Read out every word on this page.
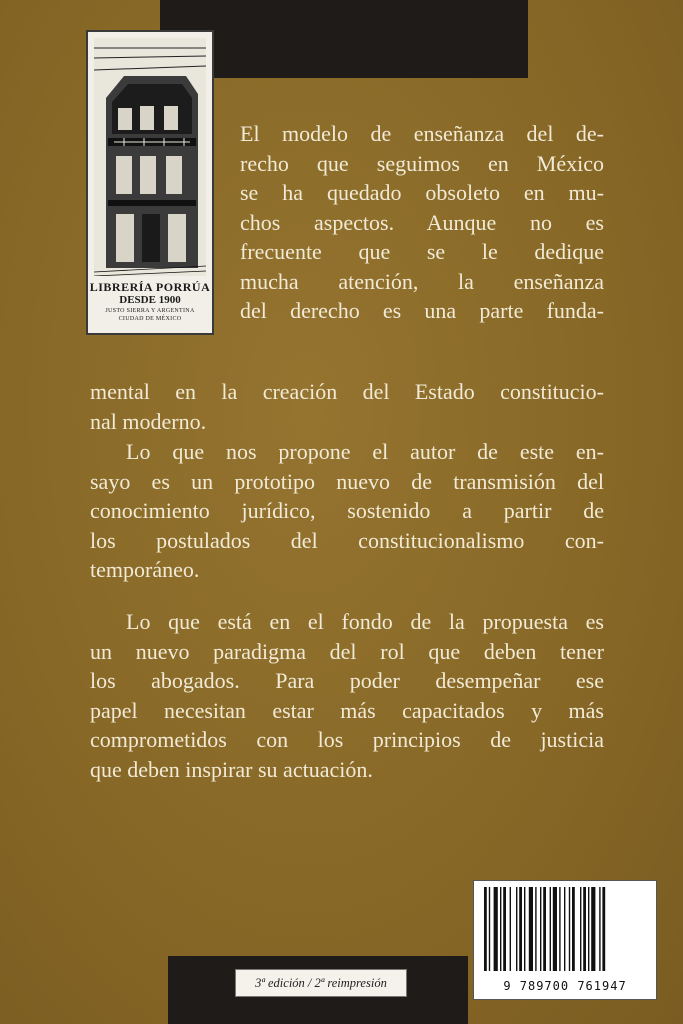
LIBRERÍA PORRÚA
DESDE 1900
JUSTO SIERRA Y ARGENTINA
CIUDAD DE MÉXICO
El modelo de enseñanza del de-
recho que seguimos en México
se ha quedado obsoleto en mu-
chos aspectos. Aunque no es
frecuente que se le dedique
mucha atención, la enseñanza
del derecho es una parte funda-
mental en la creación del Estado constitucio-
nal moderno.
Lo que nos propone el autor de este en-
sayo es un prototipo nuevo de transmisión del
conocimiento jurídico, sostenido a partir de
los postulados del constitucionalismo con-
temporáneo.
Lo que está en el fondo de la propuesta es
un nuevo paradigma del rol que deben tener
los abogados. Para poder desempeñar ese
papel necesitan estar más capacitados y más
comprometidos con los principios de justicia
que deben inspirar su actuación.
9 789700 761947
3ª edición / 2ª reimpresión
